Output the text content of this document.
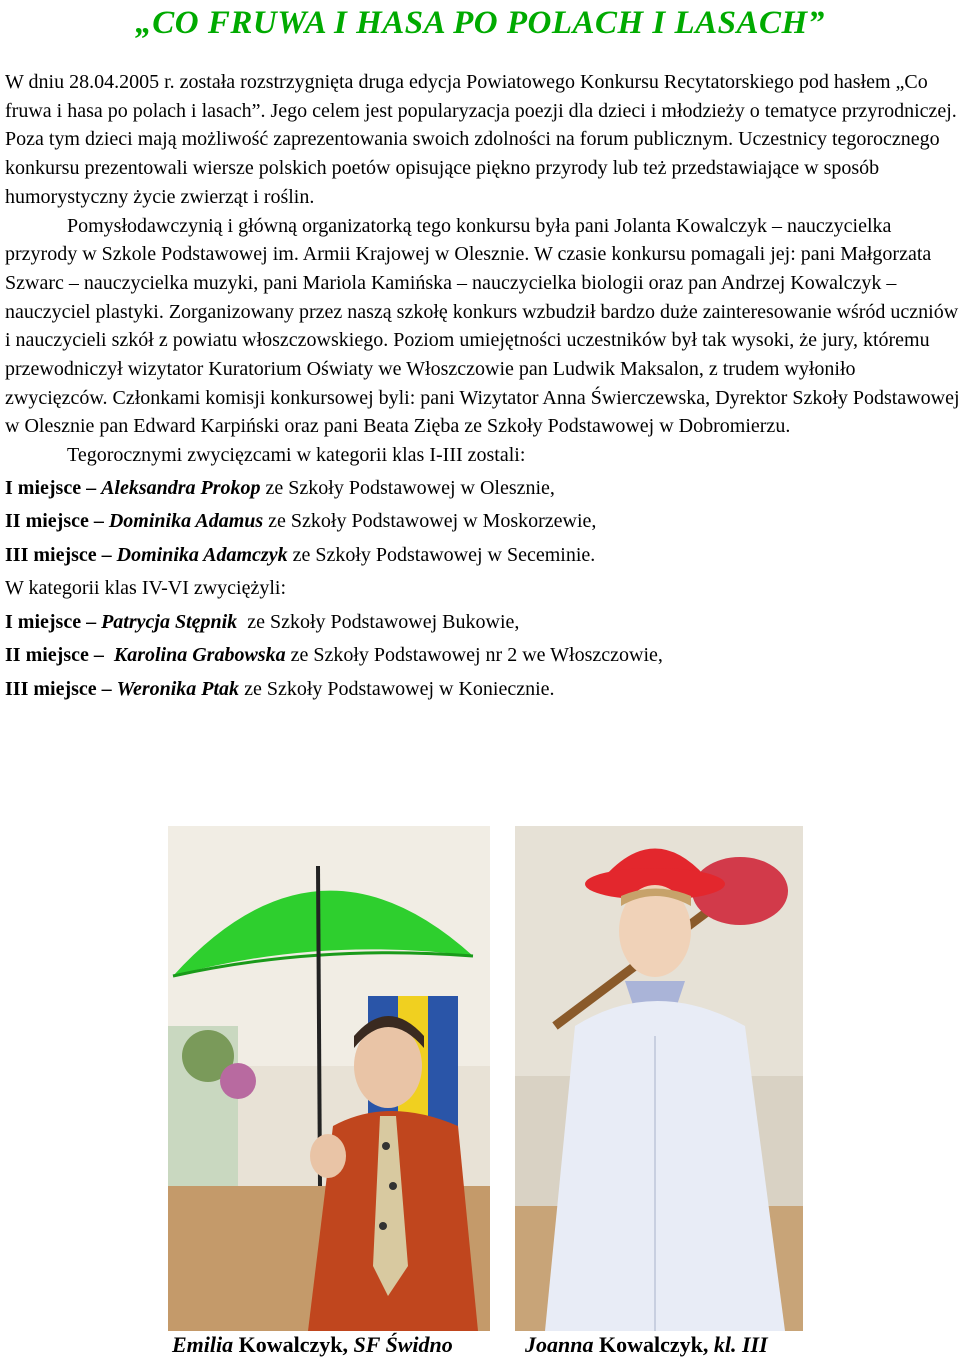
„CO FRUWA I HASA PO POLACH I LASACH”

W dniu 28.04.2005 r. została rozstrzygnięta druga edycja Powiatowego Konkursu Recytatorskiego pod hasłem „Co fruwa i hasa po polach i lasach”. Jego celem jest popularyzacja poezji dla dzieci i młodzieży o tematyce przyrodniczej. Poza tym dzieci mają możliwość zaprezentowania swoich zdolności na forum publicznym. Uczestnicy tegorocznego konkursu prezentowali wiersze polskich poetów opisujące piękno przyrody lub też przedstawiające w sposób humorystyczny życie zwierząt i roślin.

Pomysłodawczynią i główną organizatorką tego konkursu była pani Jolanta Kowalczyk – nauczycielka przyrody w Szkole Podstawowej im. Armii Krajowej w Olesznie. W czasie konkursu pomagali jej: pani Małgorzata Szwarc – nauczycielka muzyki, pani Mariola Kamińska – nauczycielka biologii oraz pan Andrzej Kowalczyk – nauczyciel plastyki. Zorganizowany przez naszą szkołę konkurs wzbudził bardzo duże zainteresowanie wśród uczniów i nauczycieli szkół z powiatu włoszczowskiego. Poziom umiejętności uczestników był tak wysoki, że jury, któremu przewodniczył wizytator Kuratorium Oświaty we Włoszczowie pan Ludwik Maksalon, z trudem wyłoniło zwycięzców. Członkami komisji konkursowej byli: pani Wizytator Anna Świerczewska, Dyrektor Szkoły Podstawowej w Olesznie pan Edward Karpiński oraz pani Beata Zięba ze Szkoły Podstawowej w Dobromierzu.

Tegorocznymi zwycięzcami w kategorii klas I-III zostali:

I miejsce – Aleksandra Prokop ze Szkoły Podstawowej w Olesznie,

II miejsce – Dominika Adamus ze Szkoły Podstawowej w Moskorzewie,

III miejsce – Dominika Adamczyk ze Szkoły Podstawowej w Seceminie.

W kategorii klas IV-VI zwyciężyli:

I miejsce – Patrycja Stępnik  ze Szkoły Podstawowej Bukowie,

II miejsce –  Karolina Grabowska ze Szkoły Podstawowej nr 2 we Włoszczowie,

III miejsce – Weronika Ptak ze Szkoły Podstawowej w Koniecznie.

Emilia Kowalczyk, SF Świdno	Joanna Kowalczyk, kl. III
